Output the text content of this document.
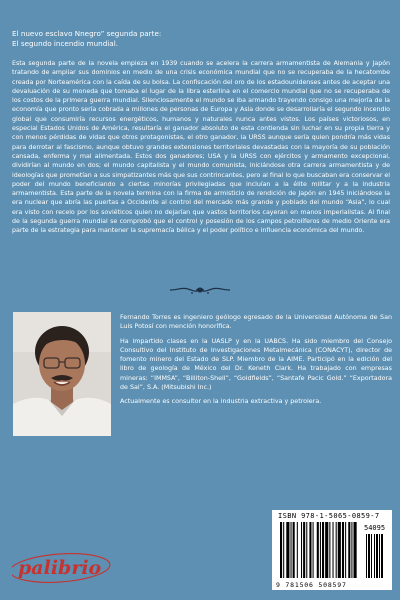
El nuevo esclavo Nnegro” segunda parte:
El segundo incendio mundial.
Esta segunda parte de la novela empieza en 1939 cuando se acelera la carrera armamentista de Alemania y Japón tratando de ampliar sus dominios en medio de una crisis económica mundial que no se recuperaba de la hecatombe creada por Norteamérica con la caída de su bolsa. La confiscación del oro de los estadounidenses antes de aceptar una devaluación de su moneda que tomaba el lugar de la libra esterlina en el comercio mundial que no se recuperaba de los costos de la primera guerra mundial. Silenciosamente el mundo se iba armando trayendo consigo una mejoría de la economía que pronto sería cobrada a millones de personas de Europa y Asia donde se desarrollaría el segundo incendio global que consumiría recursos energéticos, humanos y naturales nunca antes vistos. Los países victoriosos, en especial Estados Unidos de América, resultaría el ganador absoluto de esta contienda sin luchar en su propia tierra y con menos pérdidas de vidas que otros protagonistas, el otro ganador, la URSS aunque sería quien pondría más vidas para derrotar al fascismo, aunque obtuvo grandes extensiones territoriales devastadas con la mayoría de su población cansada, enferma y mal alimentada. Estos dos ganadores; USA y la URSS con ejércitos y armamento excepcional, dividirían al mundo en dos; el mundo capitalista y el mundo comunista, iniciándose otra carrera armamentista y de ideologías que prometían a sus simpatizantes más que sus contrincantes, pero al final lo que buscaban era conservar el poder del mundo beneficiando a ciertas minorías privilegiadas que incluían a la élite militar y a la industria armamentista. Esta parte de la novela termina con la firma de armisticio de rendición de Japón en 1945 iniciándose la era nuclear que abría las puertas a Occidente al control del mercado más grande y poblado del mundo “Asia”, lo cual era visto con recelo por los soviéticos quien no dejarían que vastos territorios cayeran en manos imperialistas. Al final de la segunda guerra mundial se comprobó que el control y posesión de los campos petrolíferos de medio Oriente era parte de la estrategia para mantener la supremacía bélica y el poder político e influencia económica del mundo.

Fernando Torres es ingeniero geólogo egresado de la Universidad Autónoma de San Luis Potosí con mención honorífica.

Ha impartido clases en la UASLP y en la UABCS. Ha sido miembro del Consejo Consultivo del Instituto de Investigaciones Metalmecánica (CONACYT), director de fomento minero del Estado de SLP. Miembro de la AIME. Participó en la edición del libro de geología de México del Dr. Keneth Clark. Ha trabajado con empresas mineras: “IMMSA”, “Billiton-Shell”, “Goldfields”, “Santafe Pacic Gold.” “Exportadora de Sal”, S.A. (Mitsubishi Inc.)

Actualmente es consultor en la industria extractiva y petrolera.

ISBN 978-1-5065-0859-7
54095
9 781506 508597
palibrio
